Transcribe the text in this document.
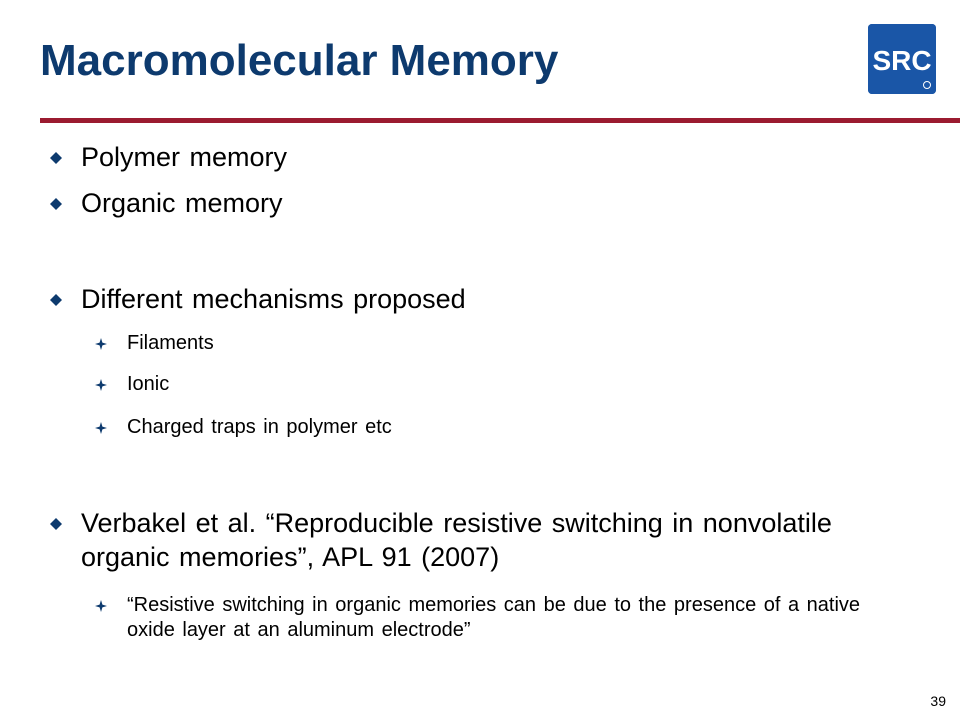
Macromolecular Memory	SRC
Polymer memory
Organic memory
Different mechanisms proposed
Filaments
Ionic
Charged traps in polymer etc
Verbakel et al. “Reproducible resistive switching in nonvolatile organic memories”, APL 91 (2007)
“Resistive switching in organic memories can be due to the presence of a native oxide layer at an aluminum electrode”
39
